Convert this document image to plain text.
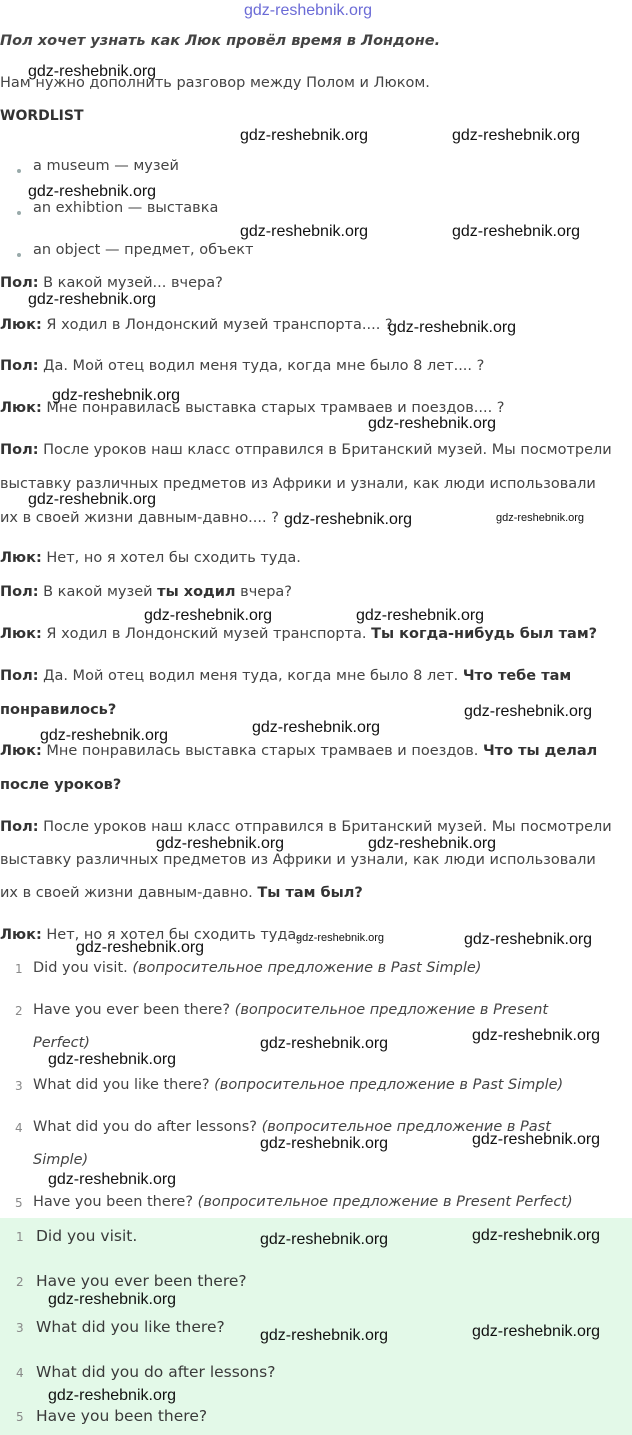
gdz-reshebnik.org
Пол хочет узнать как Люк провёл время в Лондоне.
Нам нужно дополнить разговор между Полом и Люком.
WORDLIST
a museum — музей
an exhibtion — выставка
an object — предмет, объект
Пол: В какой музей... вчера?
Люк: Я ходил в Лондонский музей транспорта.... ?
Пол: Да. Мой отец водил меня туда, когда мне было 8 лет.... ?
Люк: Мне понравилась выставка старых трамваев и поездов.... ?
Пол: После уроков наш класс отправился в Британский музей. Мы посмотрели
выставку различных предметов из Африки и узнали, как люди использовали
их в своей жизни давным-давно.... ?
Люк: Нет, но я хотел бы сходить туда.
Пол: В какой музей ты ходил вчера?
Люк: Я ходил в Лондонский музей транспорта. Ты когда-нибудь был там?
Пол: Да. Мой отец водил меня туда, когда мне было 8 лет. Что тебе там
понравилось?
Люк: Мне понравилась выставка старых трамваев и поездов. Что ты делал
после уроков?
Пол: После уроков наш класс отправился в Британский музей. Мы посмотрели
выставку различных предметов из Африки и узнали, как люди использовали
их в своей жизни давным-давно. Ты там был?
Люк: Нет, но я хотел бы сходить туда.
1 Did you visit. (вопросительное предложение в Past Simple)
2 Have you ever been there? (вопросительное предложение в Present
Perfect)
3 What did you like there? (вопросительное предложение в Past Simple)
4 What did you do after lessons? (вопросительное предложение в Past
Simple)
5 Have you been there? (вопросительное предложение в Present Perfect)
1 Did you visit.
2 Have you ever been there?
3 What did you like there?
4 What did you do after lessons?
5 Have you been there?
gdz-reshebnik.org
gdz-reshebnik.org	gdz-reshebnik.org
gdz-reshebnik.org
gdz-reshebnik.org	gdz-reshebnik.org
gdz-reshebnik.org
gdz-reshebnik.org
gdz-reshebnik.org
gdz-reshebnik.org
gdz-reshebnik.org
gdz-reshebnik.org	gdz-reshebnik.org
gdz-reshebnik.org	gdz-reshebnik.org
gdz-reshebnik.org
gdz-reshebnik.org
gdz-reshebnik.org
gdz-reshebnik.org	gdz-reshebnik.org
gdz-reshebnik.org	gdz-reshebnik.org
gdz-reshebnik.org
gdz-reshebnik.org
gdz-reshebnik.org
gdz-reshebnik.org
gdz-reshebnik.org
gdz-reshebnik.org
gdz-reshebnik.org
gdz-reshebnik.org
gdz-reshebnik.org
gdz-reshebnik.org
gdz-reshebnik.org
gdz-reshebnik.org
gdz-reshebnik.org
